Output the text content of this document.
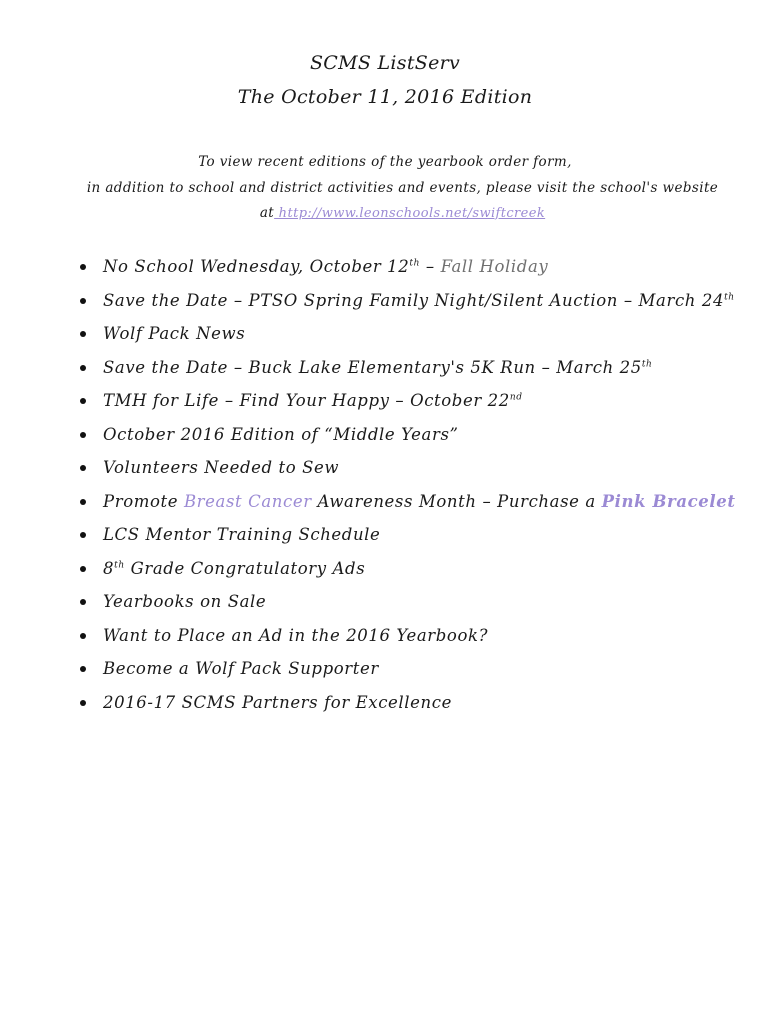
SCMS ListServ
The October 11, 2016 Edition
To view recent editions of the yearbook order form,
in addition to school and district activities and events, please visit the school's website
at http://www.leonschools.net/swiftcreek
No School Wednesday, October 12th – Fall Holiday
Save the Date – PTSO Spring Family Night/Silent Auction – March 24th
Wolf Pack News
Save the Date – Buck Lake Elementary's 5K Run – March 25th
TMH for Life – Find Your Happy – October 22nd
October 2016 Edition of “Middle Years”
Volunteers Needed to Sew
Promote Breast Cancer Awareness Month – Purchase a Pink Bracelet
LCS Mentor Training Schedule
8th Grade Congratulatory Ads
Yearbooks on Sale
Want to Place an Ad in the 2016 Yearbook?
Become a Wolf Pack Supporter
2016-17 SCMS Partners for Excellence
